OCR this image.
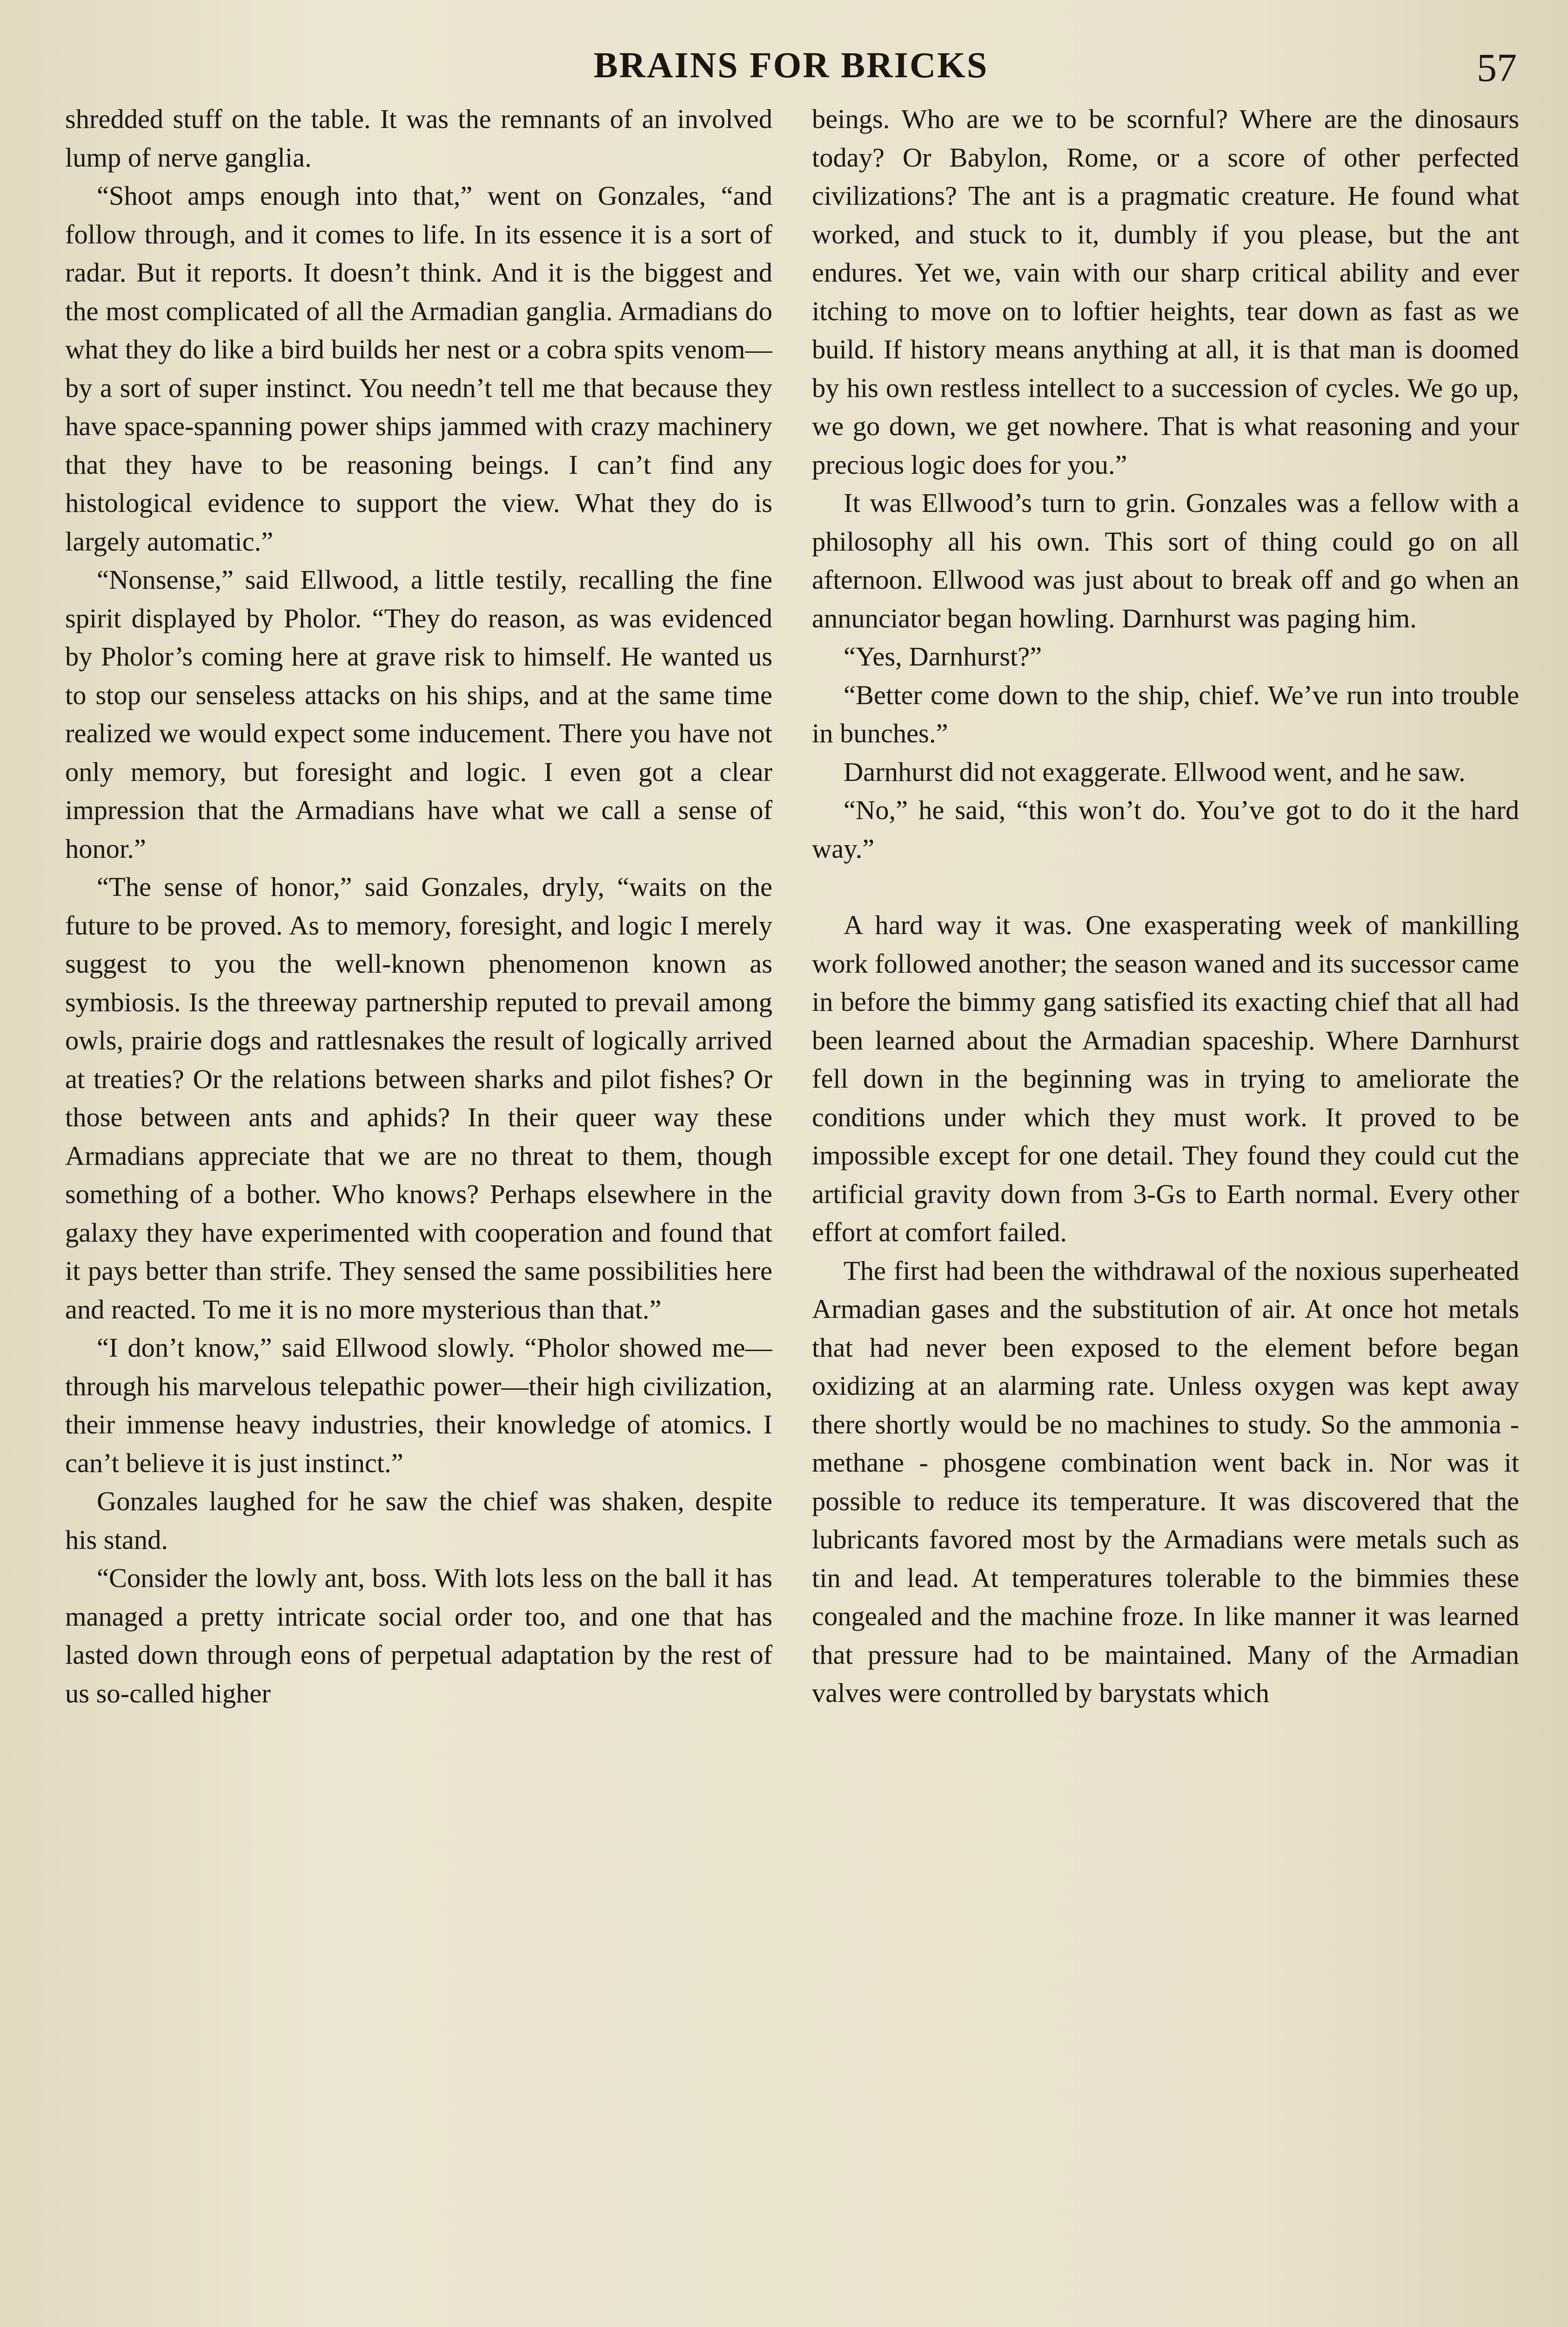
BRAINS FOR BRICKS	57

shredded stuff on the table. It was the remnants of an involved lump of nerve ganglia.

“Shoot amps enough into that,” went on Gonzales, “and follow through, and it comes to life. In its essence it is a sort of radar. But it reports. It doesn’t think. And it is the biggest and the most complicated of all the Armadian ganglia. Armadians do what they do like a bird builds her nest or a cobra spits venom—by a sort of super instinct. You needn’t tell me that because they have space-spanning power ships jammed with crazy machinery that they have to be reasoning beings. I can’t find any histological evidence to support the view. What they do is largely automatic.”

“Nonsense,” said Ellwood, a little testily, recalling the fine spirit displayed by Pholor. “They do reason, as was evidenced by Pholor’s coming here at grave risk to himself. He wanted us to stop our senseless attacks on his ships, and at the same time realized we would expect some inducement. There you have not only memory, but foresight and logic. I even got a clear impression that the Armadians have what we call a sense of honor.”

“The sense of honor,” said Gonzales, dryly, “waits on the future to be proved. As to memory, foresight, and logic I merely suggest to you the well-known phenomenon known as symbiosis. Is the threeway partnership reputed to prevail among owls, prairie dogs and rattlesnakes the result of logically arrived at treaties? Or the relations between sharks and pilot fishes? Or those between ants and aphids? In their queer way these Armadians appreciate that we are no threat to them, though something of a bother. Who knows? Perhaps elsewhere in the galaxy they have experimented with cooperation and found that it pays better than strife. They sensed the same possibilities here and reacted. To me it is no more mysterious than that.”

“I don’t know,” said Ellwood slowly. “Pholor showed me—through his marvelous telepathic power—their high civilization, their immense heavy industries, their knowledge of atomics. I can’t believe it is just instinct.”

Gonzales laughed for he saw the chief was shaken, despite his stand.

“Consider the lowly ant, boss. With lots less on the ball it has managed a pretty intricate social order too, and one that has lasted down through eons of perpetual adaptation by the rest of us so-called higher

beings. Who are we to be scornful? Where are the dinosaurs today? Or Babylon, Rome, or a score of other perfected civilizations? The ant is a pragmatic creature. He found what worked, and stuck to it, dumbly if you please, but the ant endures. Yet we, vain with our sharp critical ability and ever itching to move on to loftier heights, tear down as fast as we build. If history means anything at all, it is that man is doomed by his own restless intellect to a succession of cycles. We go up, we go down, we get nowhere. That is what reasoning and your precious logic does for you.”

It was Ellwood’s turn to grin. Gonzales was a fellow with a philosophy all his own. This sort of thing could go on all afternoon. Ellwood was just about to break off and go when an annunciator began howling. Darnhurst was paging him.

“Yes, Darnhurst?”

“Better come down to the ship, chief. We’ve run into trouble in bunches.”

Darnhurst did not exaggerate. Ellwood went, and he saw.

“No,” he said, “this won’t do. You’ve got to do it the hard way.”

A hard way it was. One exasperating week of mankilling work followed another; the season waned and its successor came in before the bimmy gang satisfied its exacting chief that all had been learned about the Armadian spaceship. Where Darnhurst fell down in the beginning was in trying to ameliorate the conditions under which they must work. It proved to be impossible except for one detail. They found they could cut the artificial gravity down from 3-Gs to Earth normal. Every other effort at comfort failed.

The first had been the withdrawal of the noxious superheated Armadian gases and the substitution of air. At once hot metals that had never been exposed to the element before began oxidizing at an alarming rate. Unless oxygen was kept away there shortly would be no machines to study. So the ammonia - methane - phosgene combination went back in. Nor was it possible to reduce its temperature. It was discovered that the lubricants favored most by the Armadians were metals such as tin and lead. At temperatures tolerable to the bimmies these congealed and the machine froze. In like manner it was learned that pressure had to be maintained. Many of the Armadian valves were controlled by barystats which
